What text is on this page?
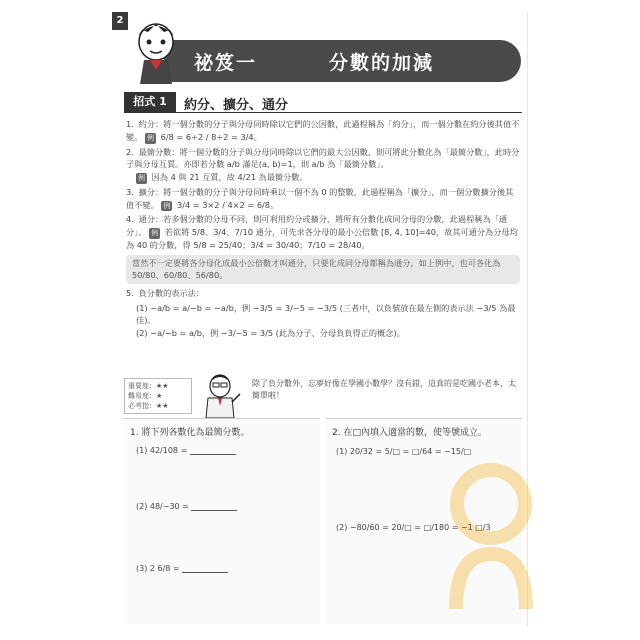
2
祕笈一	分數的加減
招式 1	約分、擴分、通分
1. 約分：將一個分數的分子與分母同時除以它們的公因數，此過程稱為「約分」，而一個分數在約分後其值不變。 例 6/8 = 6÷2 / 8÷2 = 3/4。
2. 最簡分數：將一個分數的分子與分母同時除以它們的最大公因數，則可將此分數化為「最簡分數」，此時分子與分母互質。亦即若分數 a/b 滿足(a, b)=1，則 a/b 為「最簡分數」。
例 因為 4 與 21 互質，故 4/21 為最簡分數。
3. 擴分：將一個分數的分子與分母同時乘以一個不為 0 的整數，此過程稱為「擴分」，而一個分數擴分後其值不變。 例 3/4 = 3×2 / 4×2 = 6/8。
4. 通分：若多個分數的分母不同，則可利用約分或擴分，將所有分數化成同分母的分數，此過程稱為「通分」。 例 若欲將 5/8、3/4、7/10 通分，可先求各分母的最小公倍數 [8, 4, 10]=40，故其可通分為分母均為 40 的分數，得 5/8 = 25/40；3/4 = 30/40；7/10 = 28/40。
當然不一定要將各分母化成最小公倍數才叫通分，只要化成同分母都稱為通分，如上例中，也可各化為 50/80、60/80、56/80。
5. 負分數的表示法：
(1) −a/b = a/−b = −a/b，例 −3/5 = 3/−5 = −3/5 (三者中，以負號放在最左側的表示法 −3/5 為最佳)。
(2) −a/−b = a/b，例 −3/−5 = 3/5 (此為分子、分母負負得正的概念)。
重要度：★★
難易度：★
必考指：★★
除了負分數外，忘夢好像在學國小數學？沒有錯，這真的是吃國小老本，太簡單啦！
1. 將下列各數化為最簡分數。
(1) 42/108 =
(2) 48/−30 =
(3) 2 6/8 =
2. 在□內填入適當的數，使等號成立。
(1) 20/32 = 5/□ = □/64 = −15/□
(2) −80/60 = 20/□ = □/180 = −1 □/3
